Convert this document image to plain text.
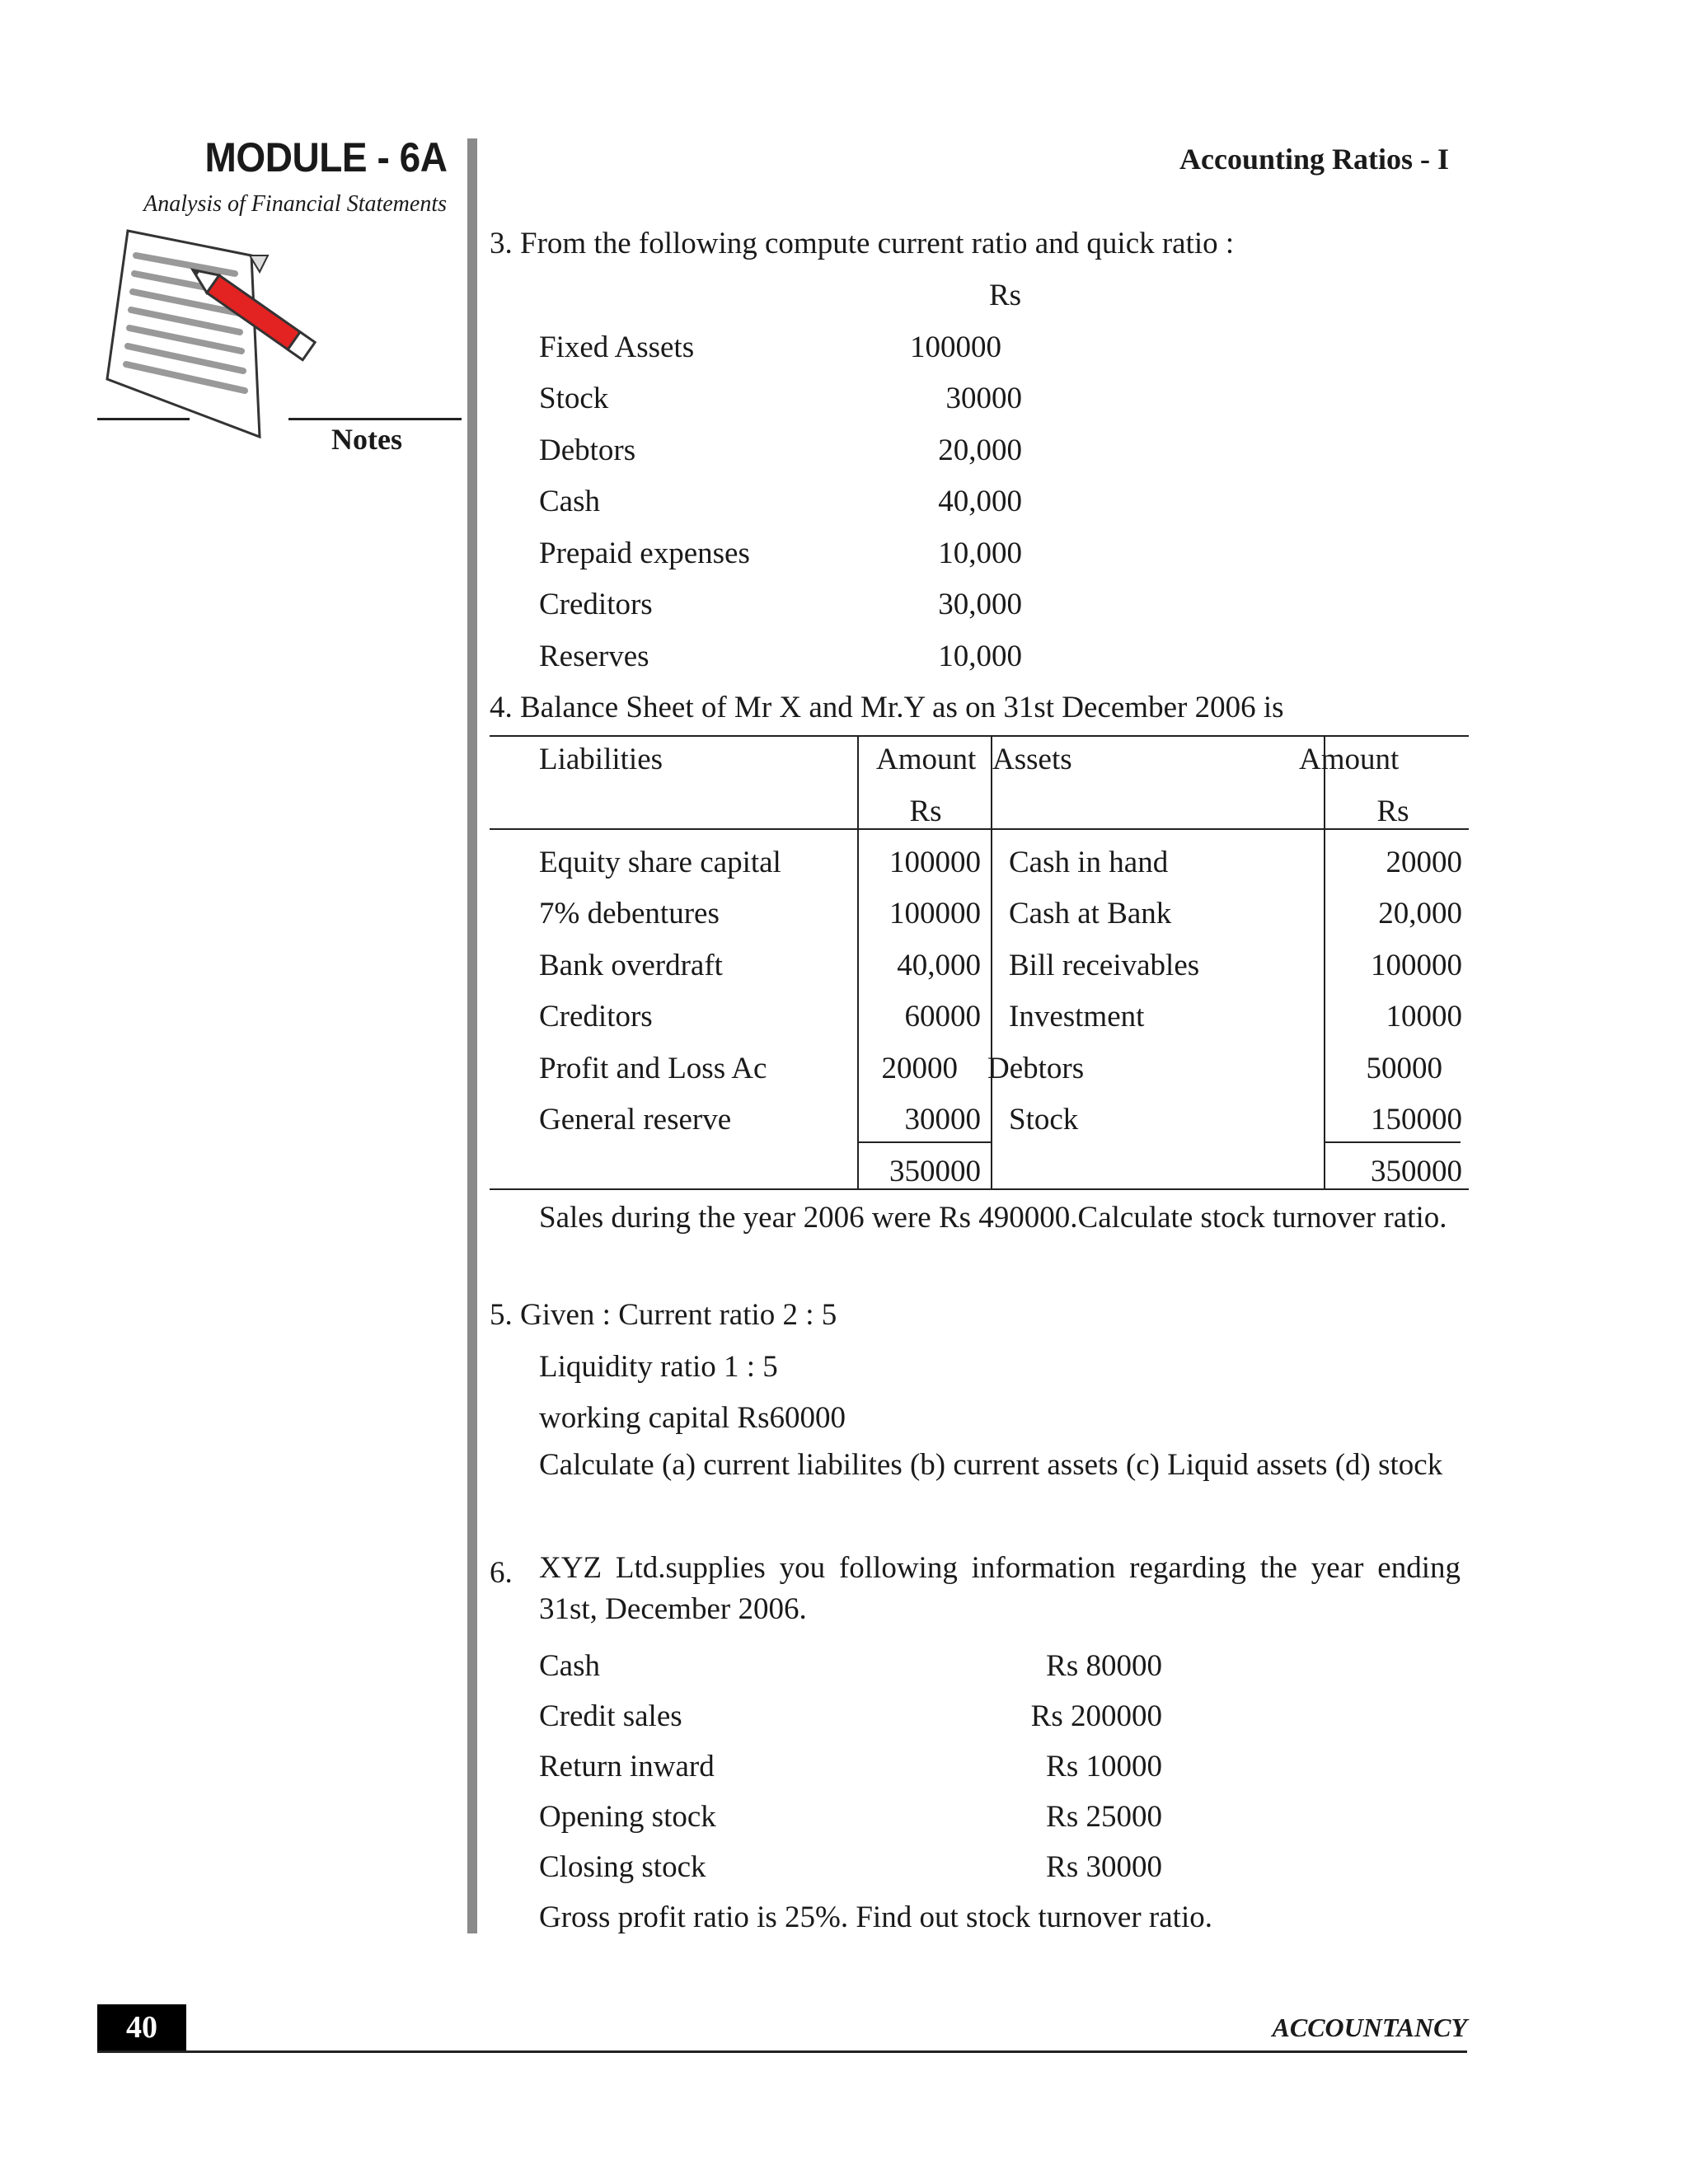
MODULE - 6A
Analysis of Financial Statements
Notes
Accounting Ratios - I
3. From the following compute current ratio and quick ratio :
Rs
Fixed Assets	100000
Stock	30000
Debtors	20,000
Cash	40,000
Prepaid expenses	10,000
Creditors	30,000
Reserves	10,000
4. Balance Sheet of Mr X and Mr.Y as on 31st December 2006 is
Liabilities	Amount Assets	Amount
Rs	Rs
Equity share capital	100000 Cash in hand	20000
7% debentures	100000 Cash at Bank	20,000
Bank overdraft	40,000 Bill receivables	100000
Creditors	60000 Investment	10000
Profit and Loss Ac	20000 Debtors	50000
General reserve	30000 Stock	150000
350000	350000
Sales during the year 2006 were Rs 490000.Calculate stock turnover ratio.
5. Given : Current ratio 2 : 5
Liquidity ratio 1 : 5
working capital Rs60000
Calculate (a) current liabilites (b) current assets (c) Liquid assets (d) stock
6. XYZ Ltd.supplies you following information regarding the year ending 31st, December 2006.
Cash	Rs 80000
Credit sales	Rs 200000
Return inward	Rs 10000
Opening stock	Rs 25000
Closing stock	Rs 30000
Gross profit ratio is 25%. Find out stock turnover ratio.
40	ACCOUNTANCY
